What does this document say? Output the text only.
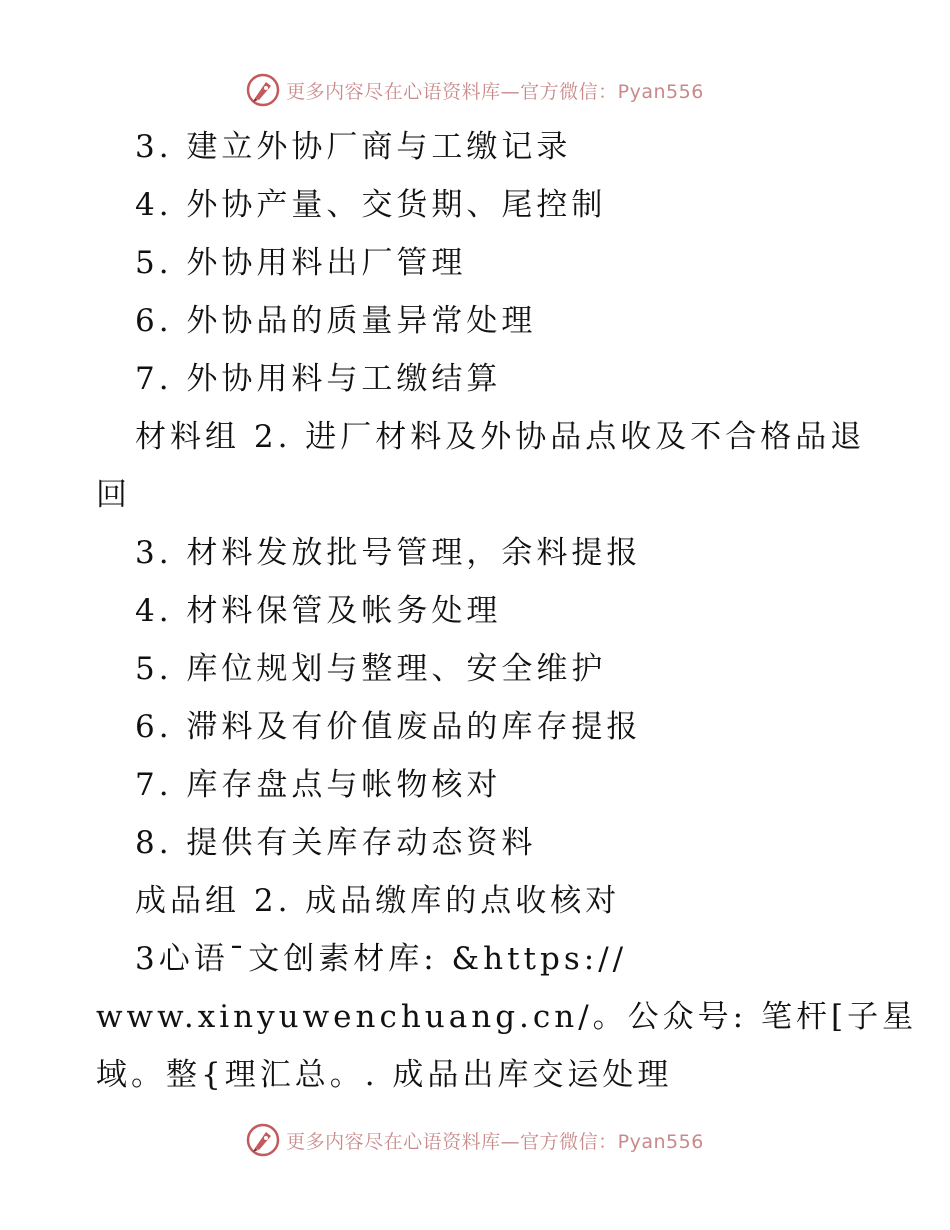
更多内容尽在心语资料库—官方微信：Pyan556
3. 建立外协厂商与工缴记录
4. 外协产量、交货期、尾控制
5. 外协用料出厂管理
6. 外协品的质量异常处理
7. 外协用料与工缴结算
材料组 2. 进厂材料及外协品点收及不合格品退
回
3. 材料发放批号管理，余料提报
4. 材料保管及帐务处理
5. 库位规划与整理、安全维护
6. 滞料及有价值废品的库存提报
7. 库存盘点与帐物核对
8. 提供有关库存动态资料
成品组 2. 成品缴库的点收核对
3心语¯文创素材库: &https://
www.xinyuwenchuang.cn/。公众号: 笔杆[子星
域。整{理汇总。. 成品出库交运处理
更多内容尽在心语资料库—官方微信：Pyan556
